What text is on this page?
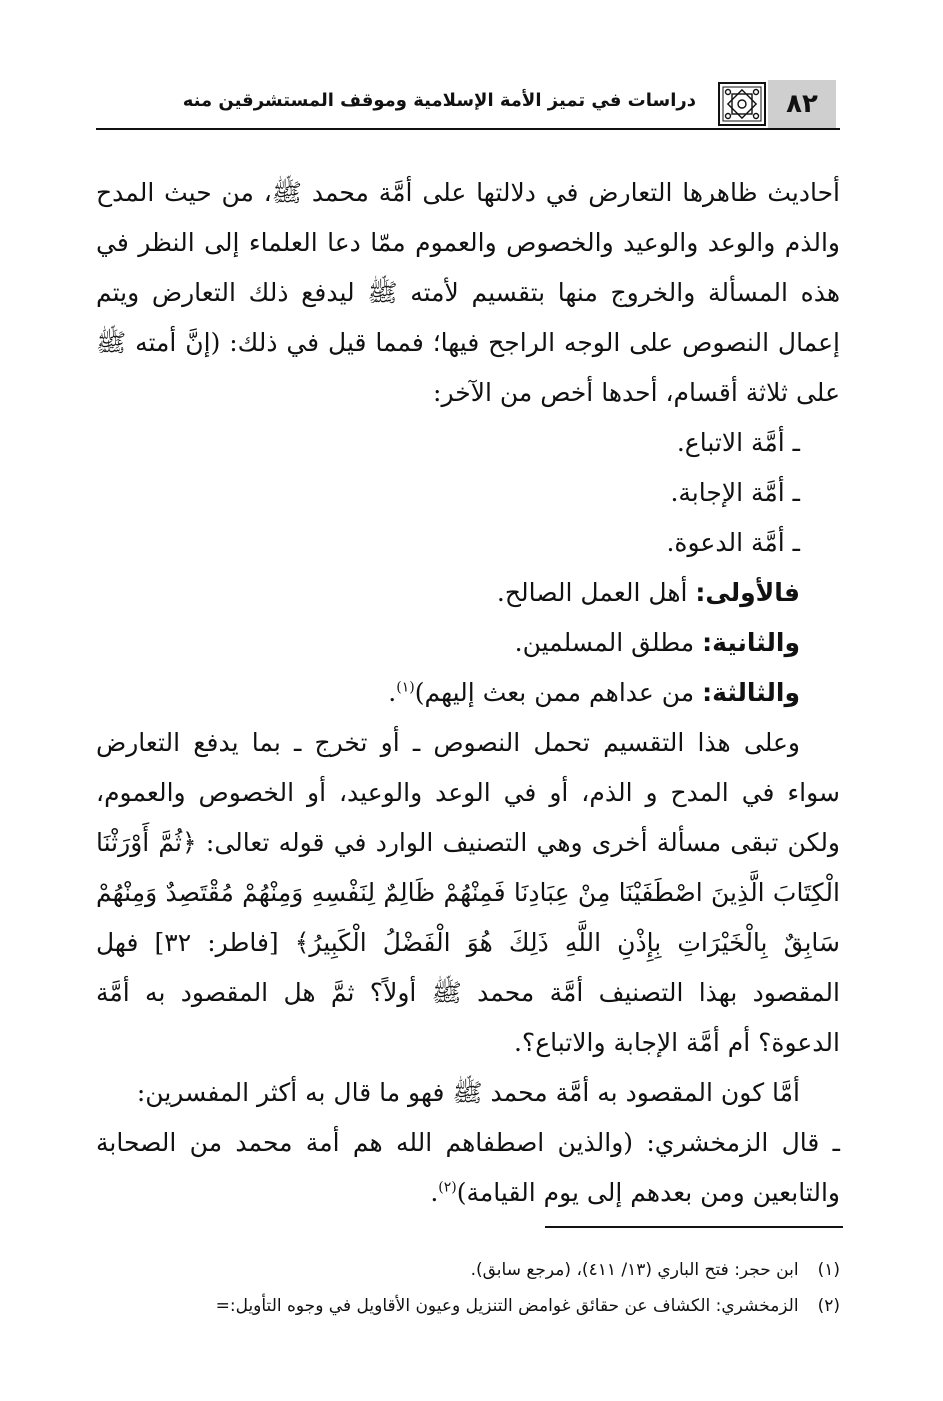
دراسات في تميز الأمة الإسلامية وموقف المستشرقين منه	٨٢

أحاديث ظاهرها التعارض في دلالتها على أمَّة محمد ﷺ، من حيث المدح والذم والوعد والوعيد والخصوص والعموم ممّا دعا العلماء إلى النظر في هذه المسألة والخروج منها بتقسيم لأمته ﷺ ليدفع ذلك التعارض ويتم إعمال النصوص على الوجه الراجح فيها؛ فمما قيل في ذلك: (إنَّ أمته ﷺ على ثلاثة أقسام، أحدها أخص من الآخر:

ـ أمَّة الاتباع.

ـ أمَّة الإجابة.

ـ أمَّة الدعوة.

فالأولى: أهل العمل الصالح.

والثانية: مطلق المسلمين.

والثالثة: من عداهم ممن بعث إليهم)$^{(١)}$.

وعلى هذا التقسيم تحمل النصوص ـ أو تخرج ـ بما يدفع التعارض سواء في المدح و الذم، أو في الوعد والوعيد، أو الخصوص والعموم، ولكن تبقى مسألة أخرى وهي التصنيف الوارد في قوله تعالى: ﴿ثُمَّ أَوْرَثْنَا الْكِتَابَ الَّذِينَ اصْطَفَيْنَا مِنْ عِبَادِنَا فَمِنْهُمْ ظَالِمٌ لِنَفْسِهِ وَمِنْهُمْ مُقْتَصِدٌ وَمِنْهُمْ سَابِقٌ بِالْخَيْرَاتِ بِإِذْنِ اللَّهِ ذَلِكَ هُوَ الْفَضْلُ الْكَبِيرُ﴾ [فاطر: ٣٢] فهل المقصود بهذا التصنيف أمَّة محمد ﷺ أولاً؟ ثمَّ هل المقصود به أمَّة الدعوة؟ أم أمَّة الإجابة والاتباع؟.

أمَّا كون المقصود به أمَّة محمد ﷺ فهو ما قال به أكثر المفسرين:

ـ قال الزمخشري: (والذين اصطفاهم الله هم أمة محمد من الصحابة والتابعين ومن بعدهم إلى يوم القيامة)$^{(٢)}$.

(١) ابن حجر: فتح الباري (١٣/ ٤١١)، (مرجع سابق).
(٢) الزمخشري: الكشاف عن حقائق غوامض التنزيل وعيون الأقاويل في وجوه التأويل:=
